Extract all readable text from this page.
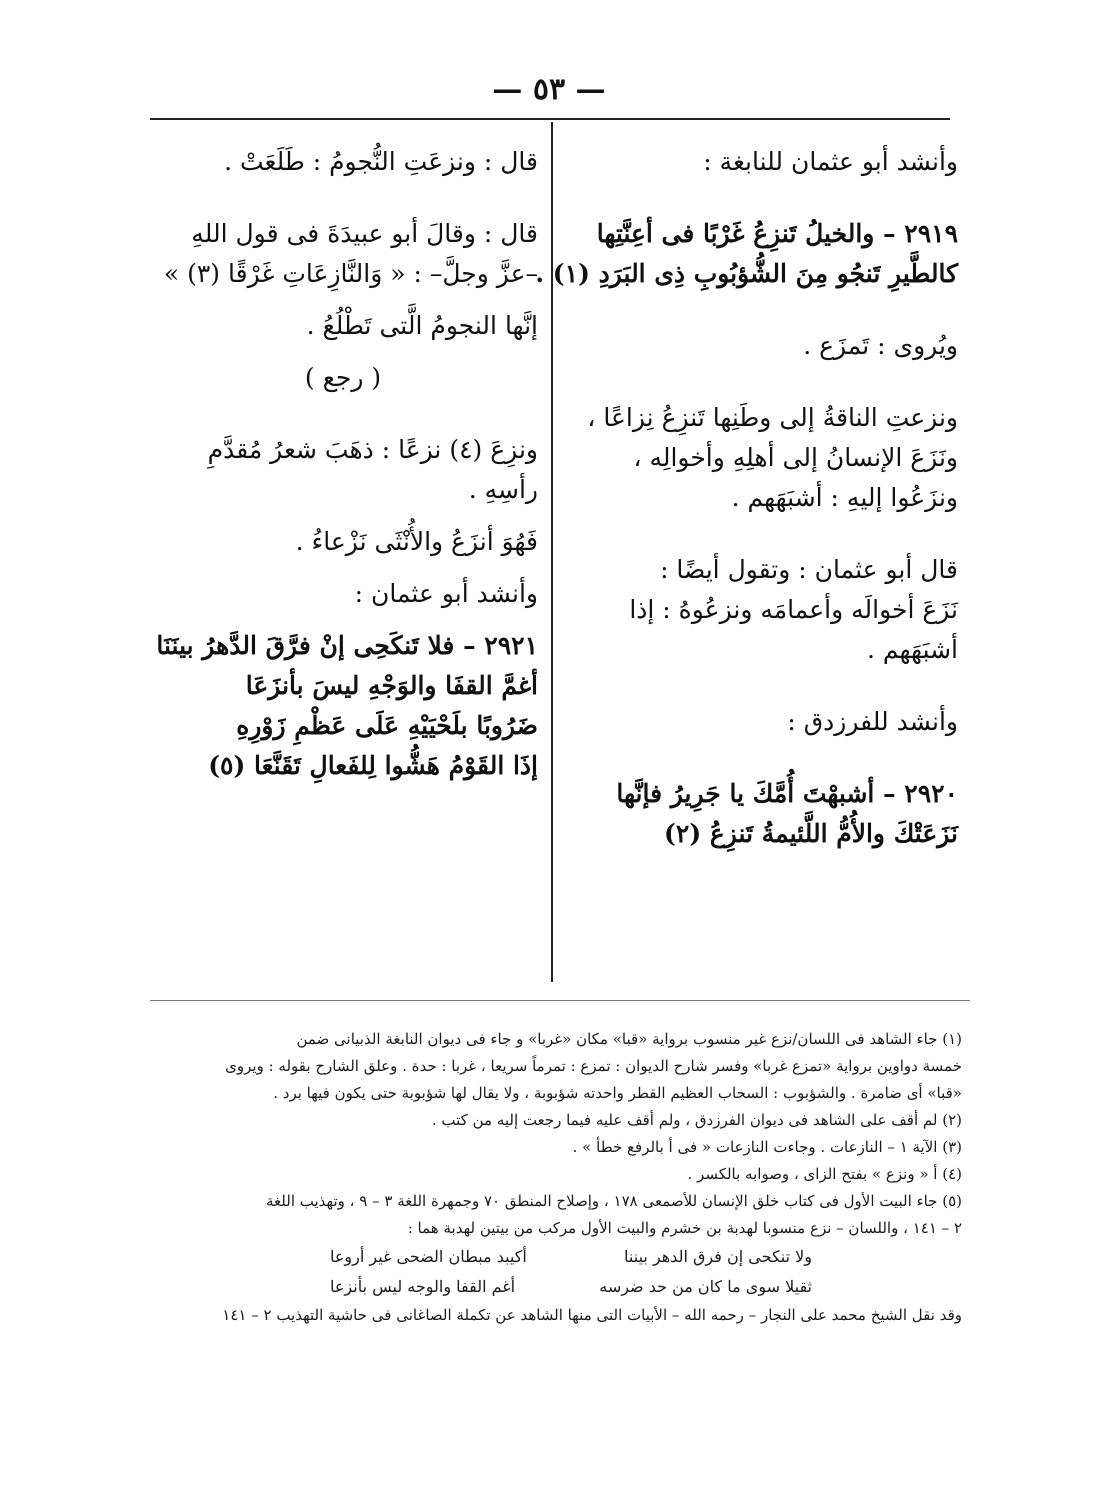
— ٥٣ —
وأنشد أبو عثمان للنابغة :
٢٩١٩ – والخيلُ تَنزِعُ غَرْبًا فى أعِنَّتِها
كالطَّيرِ تَنجُو مِنَ الشُّؤبُوبِ ذِى البَرَدِ (١) .
ويُروى : تَمزَع .
ونزعتِ الناقةُ إلى وطَنِها تَنزِعُ نِزاعًا ،
ونَزَعَ الإنسانُ إلى أهلِهِ وأخوالِه ،
ونزَعُوا إليهِ : أشبَهَهم .
قال أبو عثمان : وتقول أيضًا :
نَزَعَ أخوالَه وأعمامَه ونزعُوهُ : إذا
أشبَهَهم .
وأنشد للفرزدق :
٢٩٢٠ – أشبهْتَ أُمَّكَ يا جَرِيرُ فإنَّها
نَزَعَتْكَ والأُمُّ اللَّئيمةُ تَنزِعُ (٢)
قال : ونزعَتِ النُّجومُ : طَلَعَتْ .
قال : وقالَ أبو عبيدَةَ فى قول اللهِ
–عزَّ وجلَّ– : « وَالنَّازِعَاتِ غَرْقًا (٣) »
إنَّها النجومُ الَّتى تَطْلُعُ .
( رجع )
ونزِعَ (٤) نزعًا : ذهَبَ شعرُ مُقدَّمِ
رأسِهِ .
فَهُوَ أنزَعُ والأُنْثَى نَزْعاءُ .
وأنشد أبو عثمان :
٢٩٢١ – فلا تَنكَحِى إنْ فرَّقَ الدَّهرُ بينَنَا
أغمَّ القفَا والوَجْهِ ليسَ بأنزَعَا
ضَرُوبًا بلَحْيَيْهِ عَلَى عَظْمِ زَوْرِهِ
إذَا القَوْمُ هَشُّوا لِلفَعالِ تَقَنَّعَا (٥)
(١) جاء الشاهد فى اللسان/نزع غير منسوب برواية «قبا» مكان «غربا» و جاء فى ديوان النابغة الذبيانى ضمن
خمسة دواوين برواية «تمزع غربا» وفسر شارح الديوان : تمزع : تمرماً سريعا ، غربا : حدة . وعلق الشارح بقوله : ويروى
«قبا» أى ضامرة . والشؤبوب : السحاب العظيم القطر واحدته شؤبوبة ، ولا يقال لها شؤبوبة حتى يكون فيها برد .
(٢) لم أقف على الشاهد فى ديوان الفرزدق ، ولم أقف عليه فيما رجعت إليه من كتب .
(٣) الآية ١ – النازعات . وجاءت النازعات « فى أ بالرفع خطأ » .
(٤) أ « ونزع » بفتح الزاى ، وصوابه بالكسر .
(٥) جاء البيت الأول فى كتاب خلق الإنسان للأصمعى ١٧٨ ، وإصلاح المنطق ٧٠ وجمهرة اللغة ٣ – ٩ ، وتهذيب اللغة
٢ – ١٤١ ، واللسان – نزع منسوبا لهدبة بن خشرم والبيت الأول مركب من بيتين لهدبة هما :
ولا تنكحى إن فرق الدهر بيننا
أكيبد مبطان الضحى غير أروعا
ثقيلا سوى ما كان من حد ضرسه
أغم القفا والوجه ليس بأنزعا
وقد نقل الشيخ محمد على النجار – رحمه الله – الأبيات التى منها الشاهد عن تكملة الصاغانى فى حاشية التهذيب ٢ – ١٤١
